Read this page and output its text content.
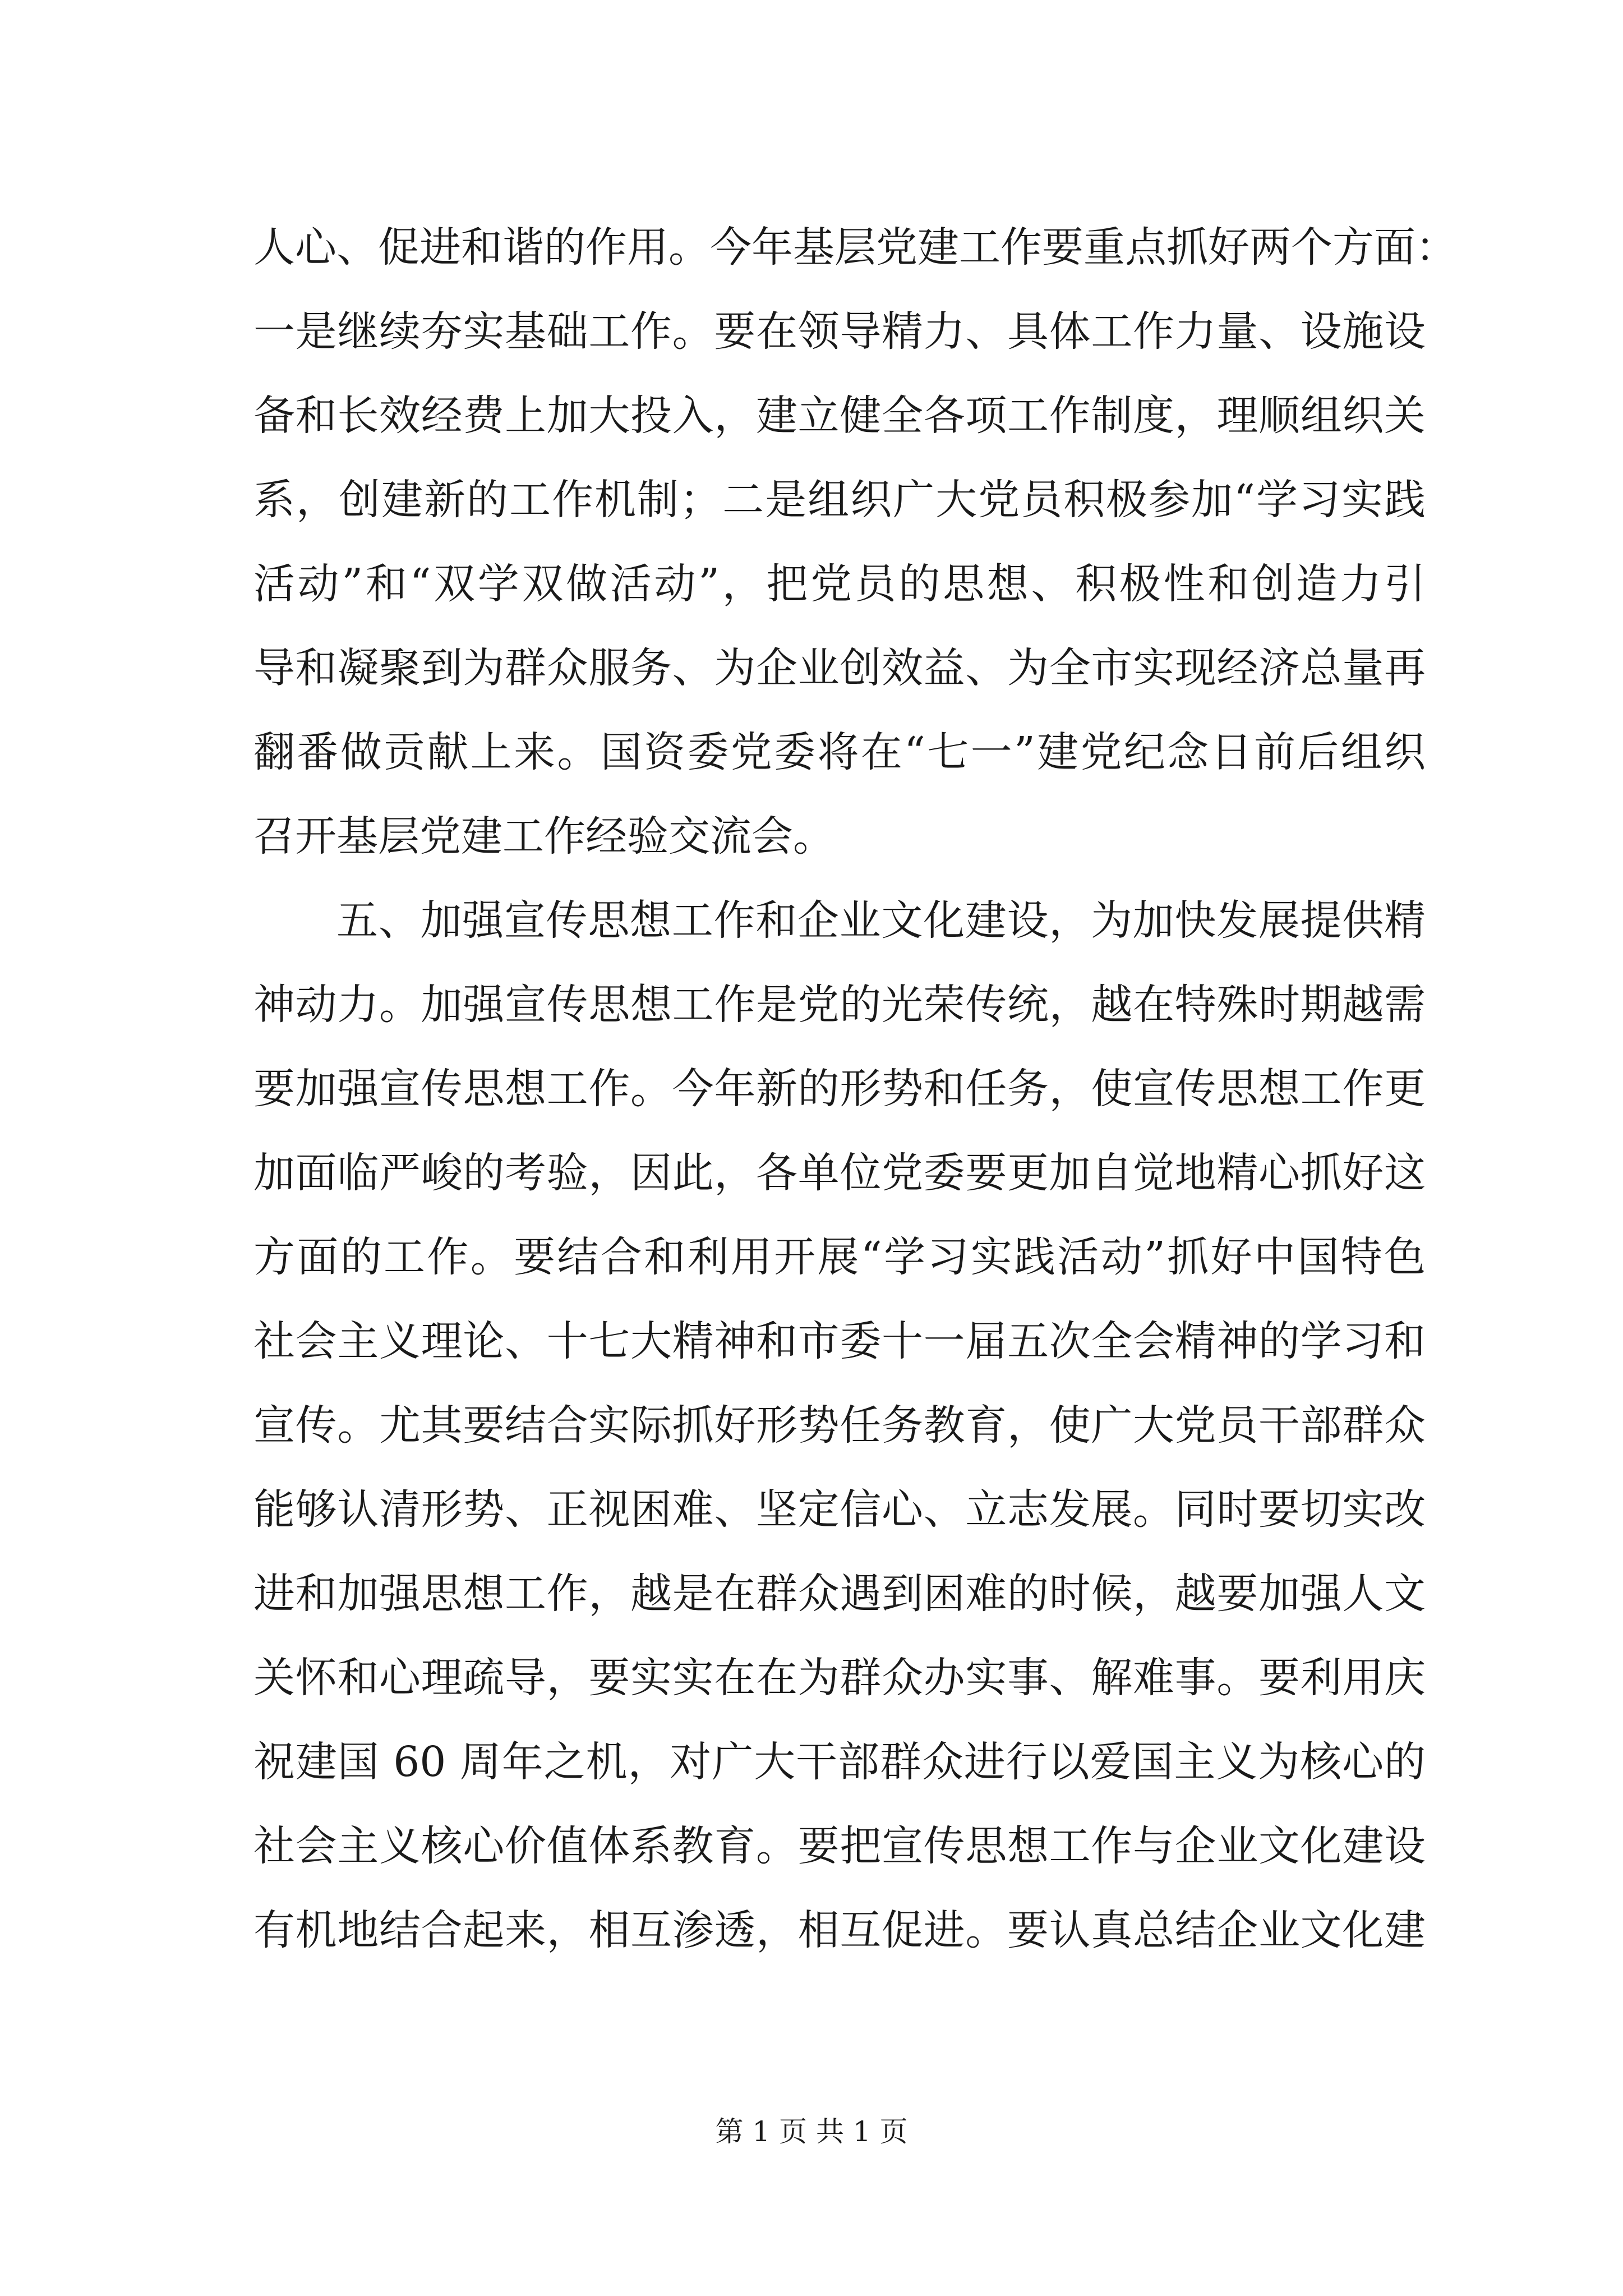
人心、促进和谐的作用。今年基层党建工作要重点抓好两个方面：
一是继续夯实基础工作。要在领导精力、具体工作力量、设施设
备和长效经费上加大投入，建立健全各项工作制度，理顺组织关
系，创建新的工作机制；二是组织广大党员积极参加“学习实践
活动”和“双学双做活动”，把党员的思想、积极性和创造力引
导和凝聚到为群众服务、为企业创效益、为全市实现经济总量再
翻番做贡献上来。国资委党委将在“七一”建党纪念日前后组织
召开基层党建工作经验交流会。
五、加强宣传思想工作和企业文化建设，为加快发展提供精
神动力。加强宣传思想工作是党的光荣传统，越在特殊时期越需
要加强宣传思想工作。今年新的形势和任务，使宣传思想工作更
加面临严峻的考验，因此，各单位党委要更加自觉地精心抓好这
方面的工作。要结合和利用开展“学习实践活动”抓好中国特色
社会主义理论、十七大精神和市委十一届五次全会精神的学习和
宣传。尤其要结合实际抓好形势任务教育，使广大党员干部群众
能够认清形势、正视困难、坚定信心、立志发展。同时要切实改
进和加强思想工作，越是在群众遇到困难的时候，越要加强人文
关怀和心理疏导，要实实在在为群众办实事、解难事。要利用庆
祝建国 60 周年之机，对广大干部群众进行以爱国主义为核心的
社会主义核心价值体系教育。要把宣传思想工作与企业文化建设
有机地结合起来，相互渗透，相互促进。要认真总结企业文化建
第 1 页 共 1 页
